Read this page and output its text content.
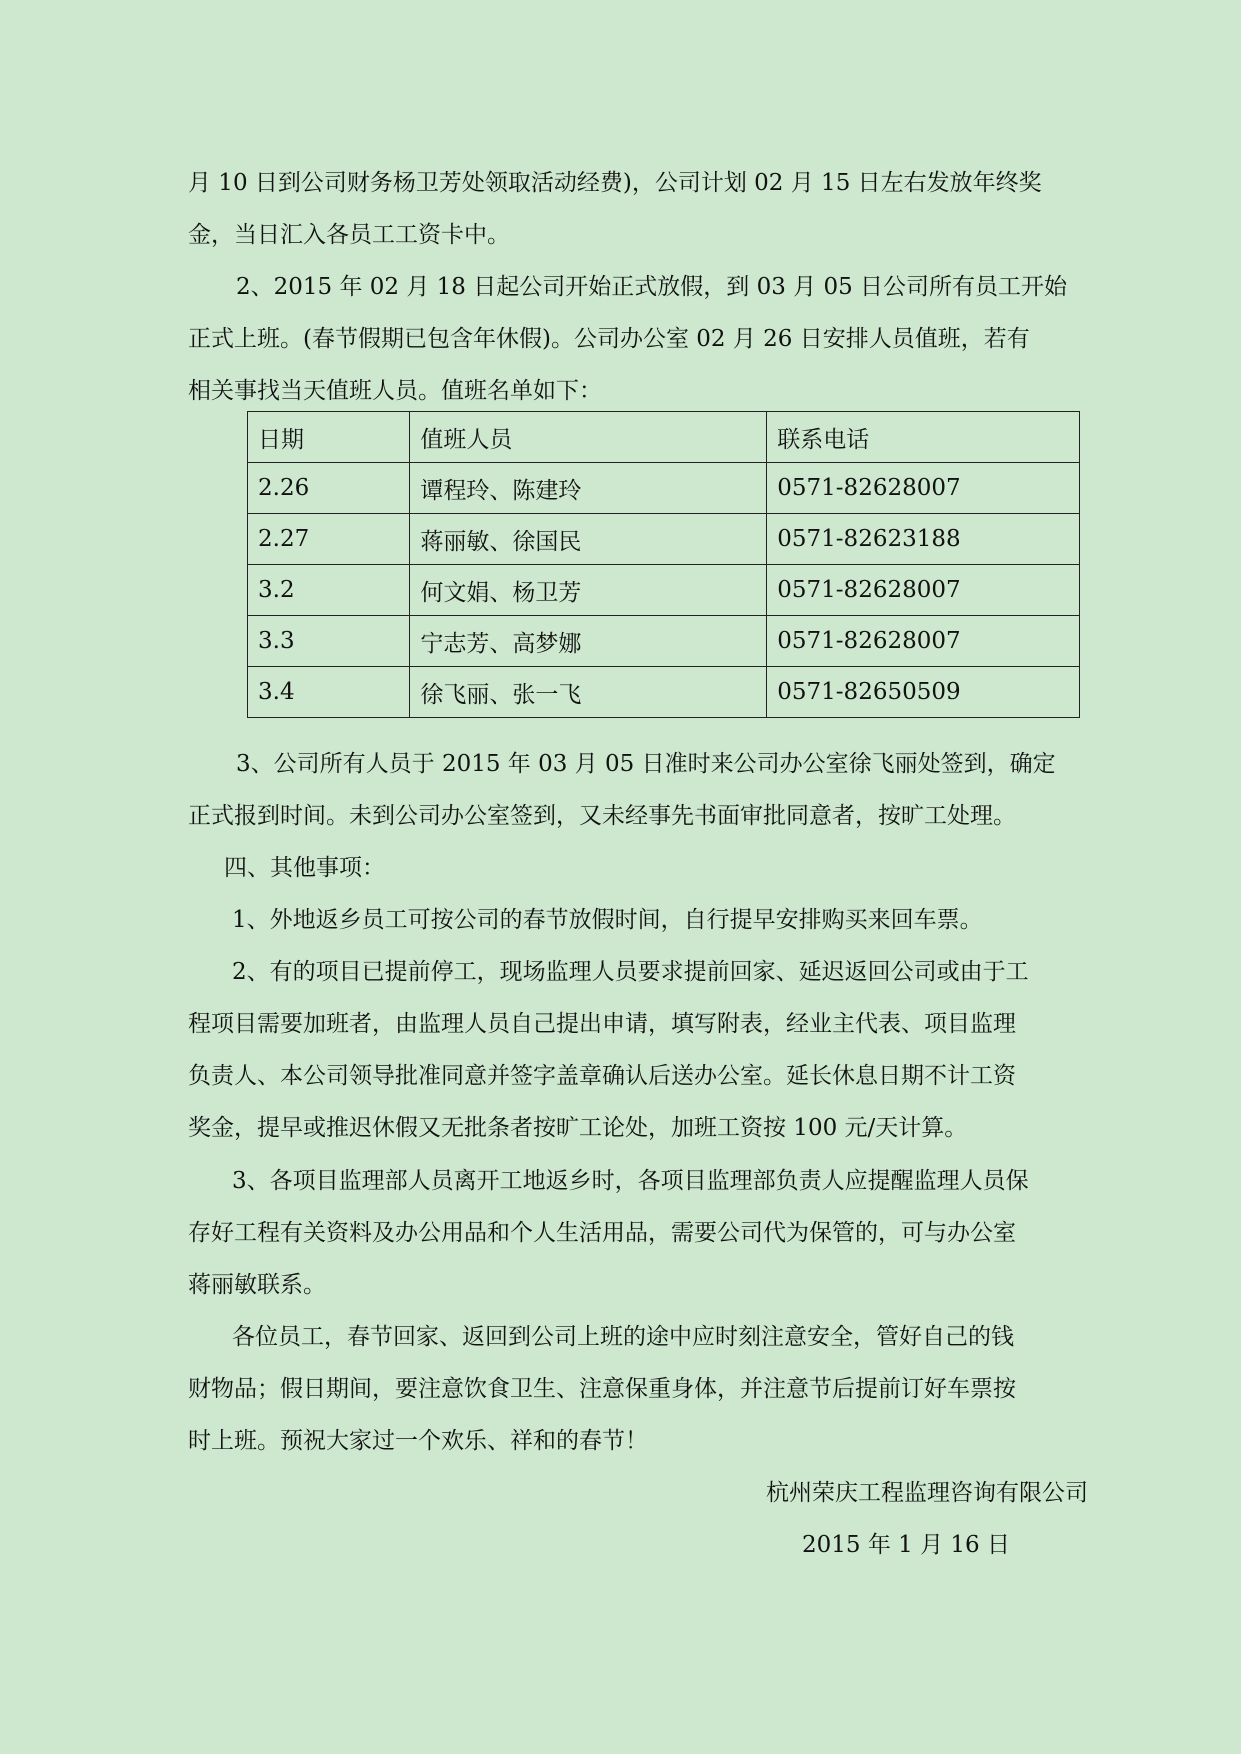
月 10 日到公司财务杨卫芳处领取活动经费)，公司计划 02 月 15 日左右发放年终奖
金，当日汇入各员工工资卡中。
2、2015 年 02 月 18 日起公司开始正式放假，到 03 月 05 日公司所有员工开始
正式上班。(春节假期已包含年休假)。公司办公室 02 月 26 日安排人员值班，若有
相关事找当天值班人员。值班名单如下：
日期	值班人员	联系电话
2.26	谭程玲、陈建玲	0571-82628007
2.27	蒋丽敏、徐国民	0571-82623188
3.2	何文娟、杨卫芳	0571-82628007
3.3	宁志芳、高梦娜	0571-82628007
3.4	徐飞丽、张一飞	0571-82650509
3、公司所有人员于 2015 年 03 月 05 日准时来公司办公室徐飞丽处签到，确定
正式报到时间。未到公司办公室签到，又未经事先书面审批同意者，按旷工处理。
四、其他事项：
1、外地返乡员工可按公司的春节放假时间，自行提早安排购买来回车票。
2、有的项目已提前停工，现场监理人员要求提前回家、延迟返回公司或由于工
程项目需要加班者，由监理人员自己提出申请，填写附表，经业主代表、项目监理
负责人、本公司领导批准同意并签字盖章确认后送办公室。延长休息日期不计工资
奖金，提早或推迟休假又无批条者按旷工论处，加班工资按 100 元/天计算。
3、各项目监理部人员离开工地返乡时，各项目监理部负责人应提醒监理人员保
存好工程有关资料及办公用品和个人生活用品，需要公司代为保管的，可与办公室
蒋丽敏联系。
各位员工，春节回家、返回到公司上班的途中应时刻注意安全，管好自己的钱
财物品；假日期间，要注意饮食卫生、注意保重身体，并注意节后提前订好车票按
时上班。预祝大家过一个欢乐、祥和的春节！
杭州荣庆工程监理咨询有限公司
2015 年 1 月 16 日
